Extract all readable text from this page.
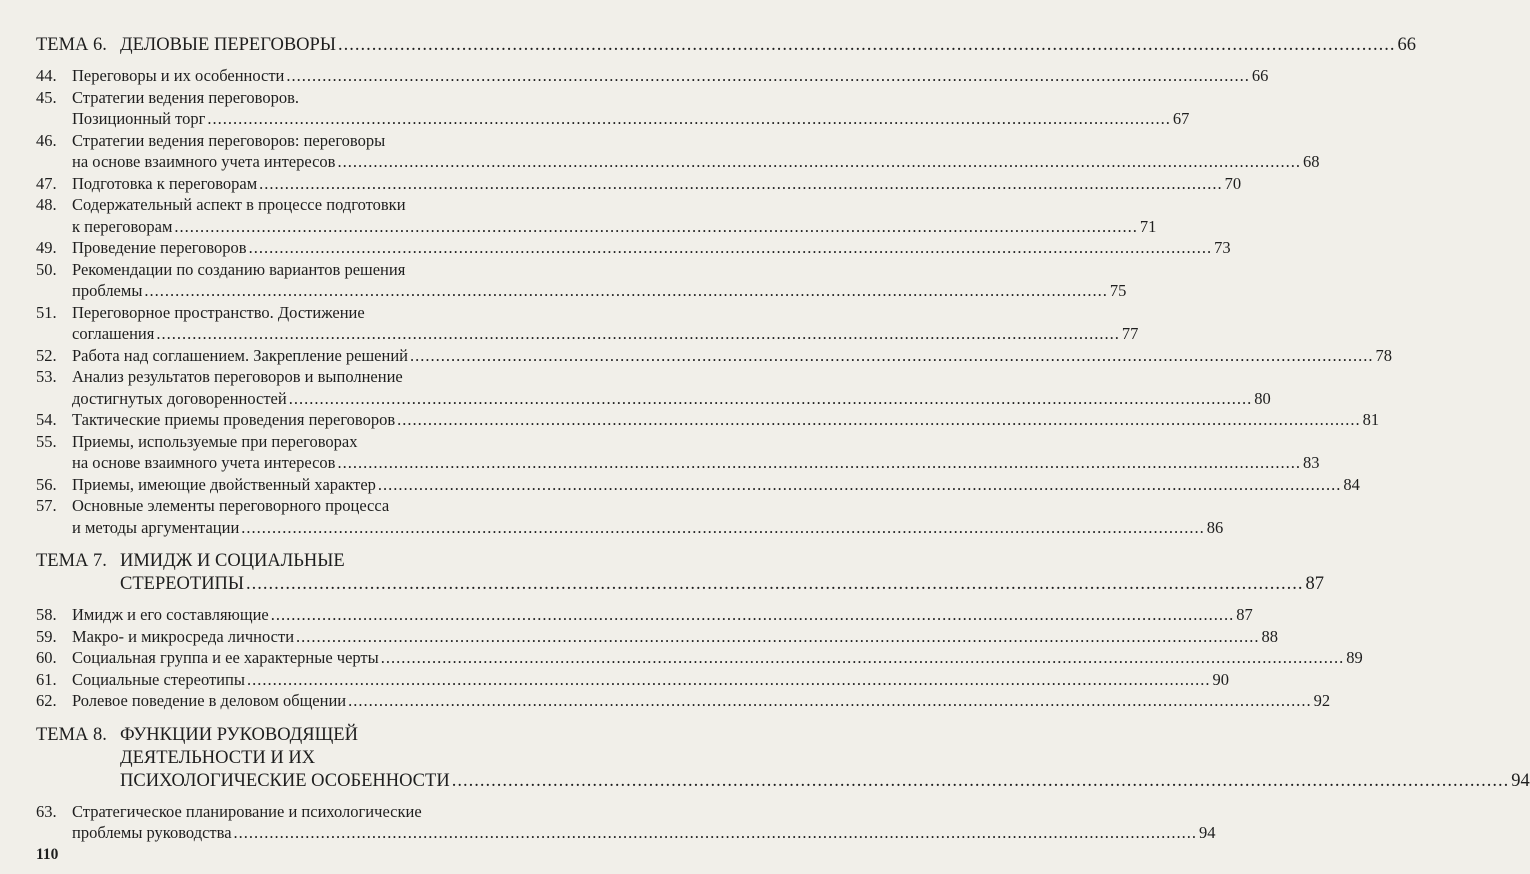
ТЕМА 6. ДЕЛОВЫЕ ПЕРЕГОВОРЫ .....	66
44. Переговоры и их особенности .....	66
45. Стратегии ведения переговоров.
Позиционный торг .....	67
46. Стратегии ведения переговоров: переговоры
на основе взаимного учета интересов .....	68
47. Подготовка к переговорам .....	70
48. Содержательный аспект в процессе подготовки
к переговорам .....	71
49. Проведение переговоров .....	73
50. Рекомендации по созданию вариантов решения
проблемы .....	75
51. Переговорное пространство. Достижение
соглашения .....	77
52. Работа над соглашением. Закрепление решений .....	78
53. Анализ результатов переговоров и выполнение
достигнутых договоренностей .....	80
54. Тактические приемы проведения переговоров .....	81
55. Приемы, используемые при переговорах
на основе взаимного учета интересов .....	83
56. Приемы, имеющие двойственный характер .....	84
57. Основные элементы переговорного процесса
и методы аргументации .....	86
ТЕМА 7. ИМИДЖ И СОЦИАЛЬНЫЕ
СТЕРЕОТИПЫ .....	87
58. Имидж и его составляющие .....	87
59. Макро- и микросреда личности .....	88
60. Социальная группа и ее характерные черты .....	89
61. Социальные стереотипы .....	90
62. Ролевое поведение в деловом общении .....	92
ТЕМА 8. ФУНКЦИИ РУКОВОДЯЩЕЙ
ДЕЯТЕЛЬНОСТИ И ИХ
ПСИХОЛОГИЧЕСКИЕ ОСОБЕННОСТИ .....	94
63. Стратегическое планирование и психологические
проблемы руководства .....	94
110
